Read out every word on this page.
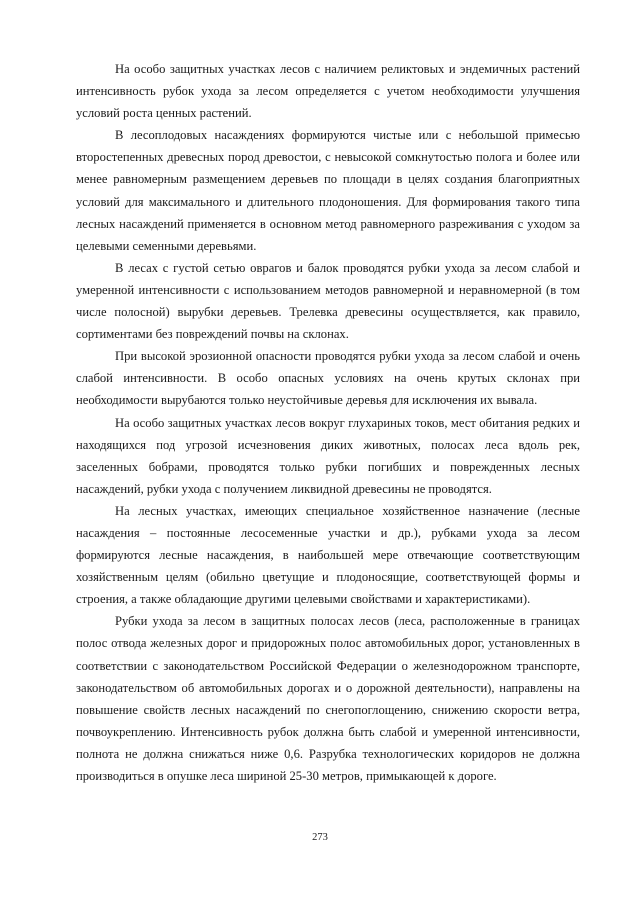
На особо защитных участках лесов с наличием реликтовых и эндемичных растений интенсивность рубок ухода за лесом определяется с учетом необходимости улучшения условий роста ценных растений.

В лесоплодовых насаждениях формируются чистые или с небольшой примесью второстепенных древесных пород древостои, с невысокой сомкнутостью полога и более или менее равномерным размещением деревьев по площади в целях создания благоприятных условий для максимального и длительного плодоношения. Для формирования такого типа лесных насаждений применяется в основном метод равномерного разреживания с уходом за целевыми семенными деревьями.

В лесах с густой сетью оврагов и балок проводятся рубки ухода за лесом слабой и умеренной интенсивности с использованием методов равномерной и неравномерной (в том числе полосной) вырубки деревьев. Трелевка древесины осуществляется, как правило, сортиментами без повреждений почвы на склонах.

При высокой эрозионной опасности проводятся рубки ухода за лесом слабой и очень слабой интенсивности. В особо опасных условиях на очень крутых склонах при необходимости вырубаются только неустойчивые деревья для исключения их вывала.

На особо защитных участках лесов вокруг глухариных токов, мест обитания редких и находящихся под угрозой исчезновения диких животных, полосах леса вдоль рек, заселенных бобрами, проводятся только рубки погибших и поврежденных лесных насаждений, рубки ухода с получением ликвидной древесины не проводятся.

На лесных участках, имеющих специальное хозяйственное назначение (лесные насаждения – постоянные лесосеменные участки и др.), рубками ухода за лесом формируются лесные насаждения, в наибольшей мере отвечающие соответствующим хозяйственным целям (обильно цветущие и плодоносящие, соответствующей формы и строения, а также обладающие другими целевыми свойствами и характеристиками).

Рубки ухода за лесом в защитных полосах лесов (леса, расположенные в границах полос отвода железных дорог и придорожных полос автомобильных дорог, установленных в соответствии с законодательством Российской Федерации о железнодорожном транспорте, законодательством об автомобильных дорогах и о дорожной деятельности), направлены на повышение свойств лесных насаждений по снегопоглощению, снижению скорости ветра, почвоукреплению. Интенсивность рубок должна быть слабой и умеренной интенсивности, полнота не должна снижаться ниже 0,6. Разрубка технологических коридоров не должна производиться в опушке леса шириной 25-30 метров, примыкающей к дороге.

273
